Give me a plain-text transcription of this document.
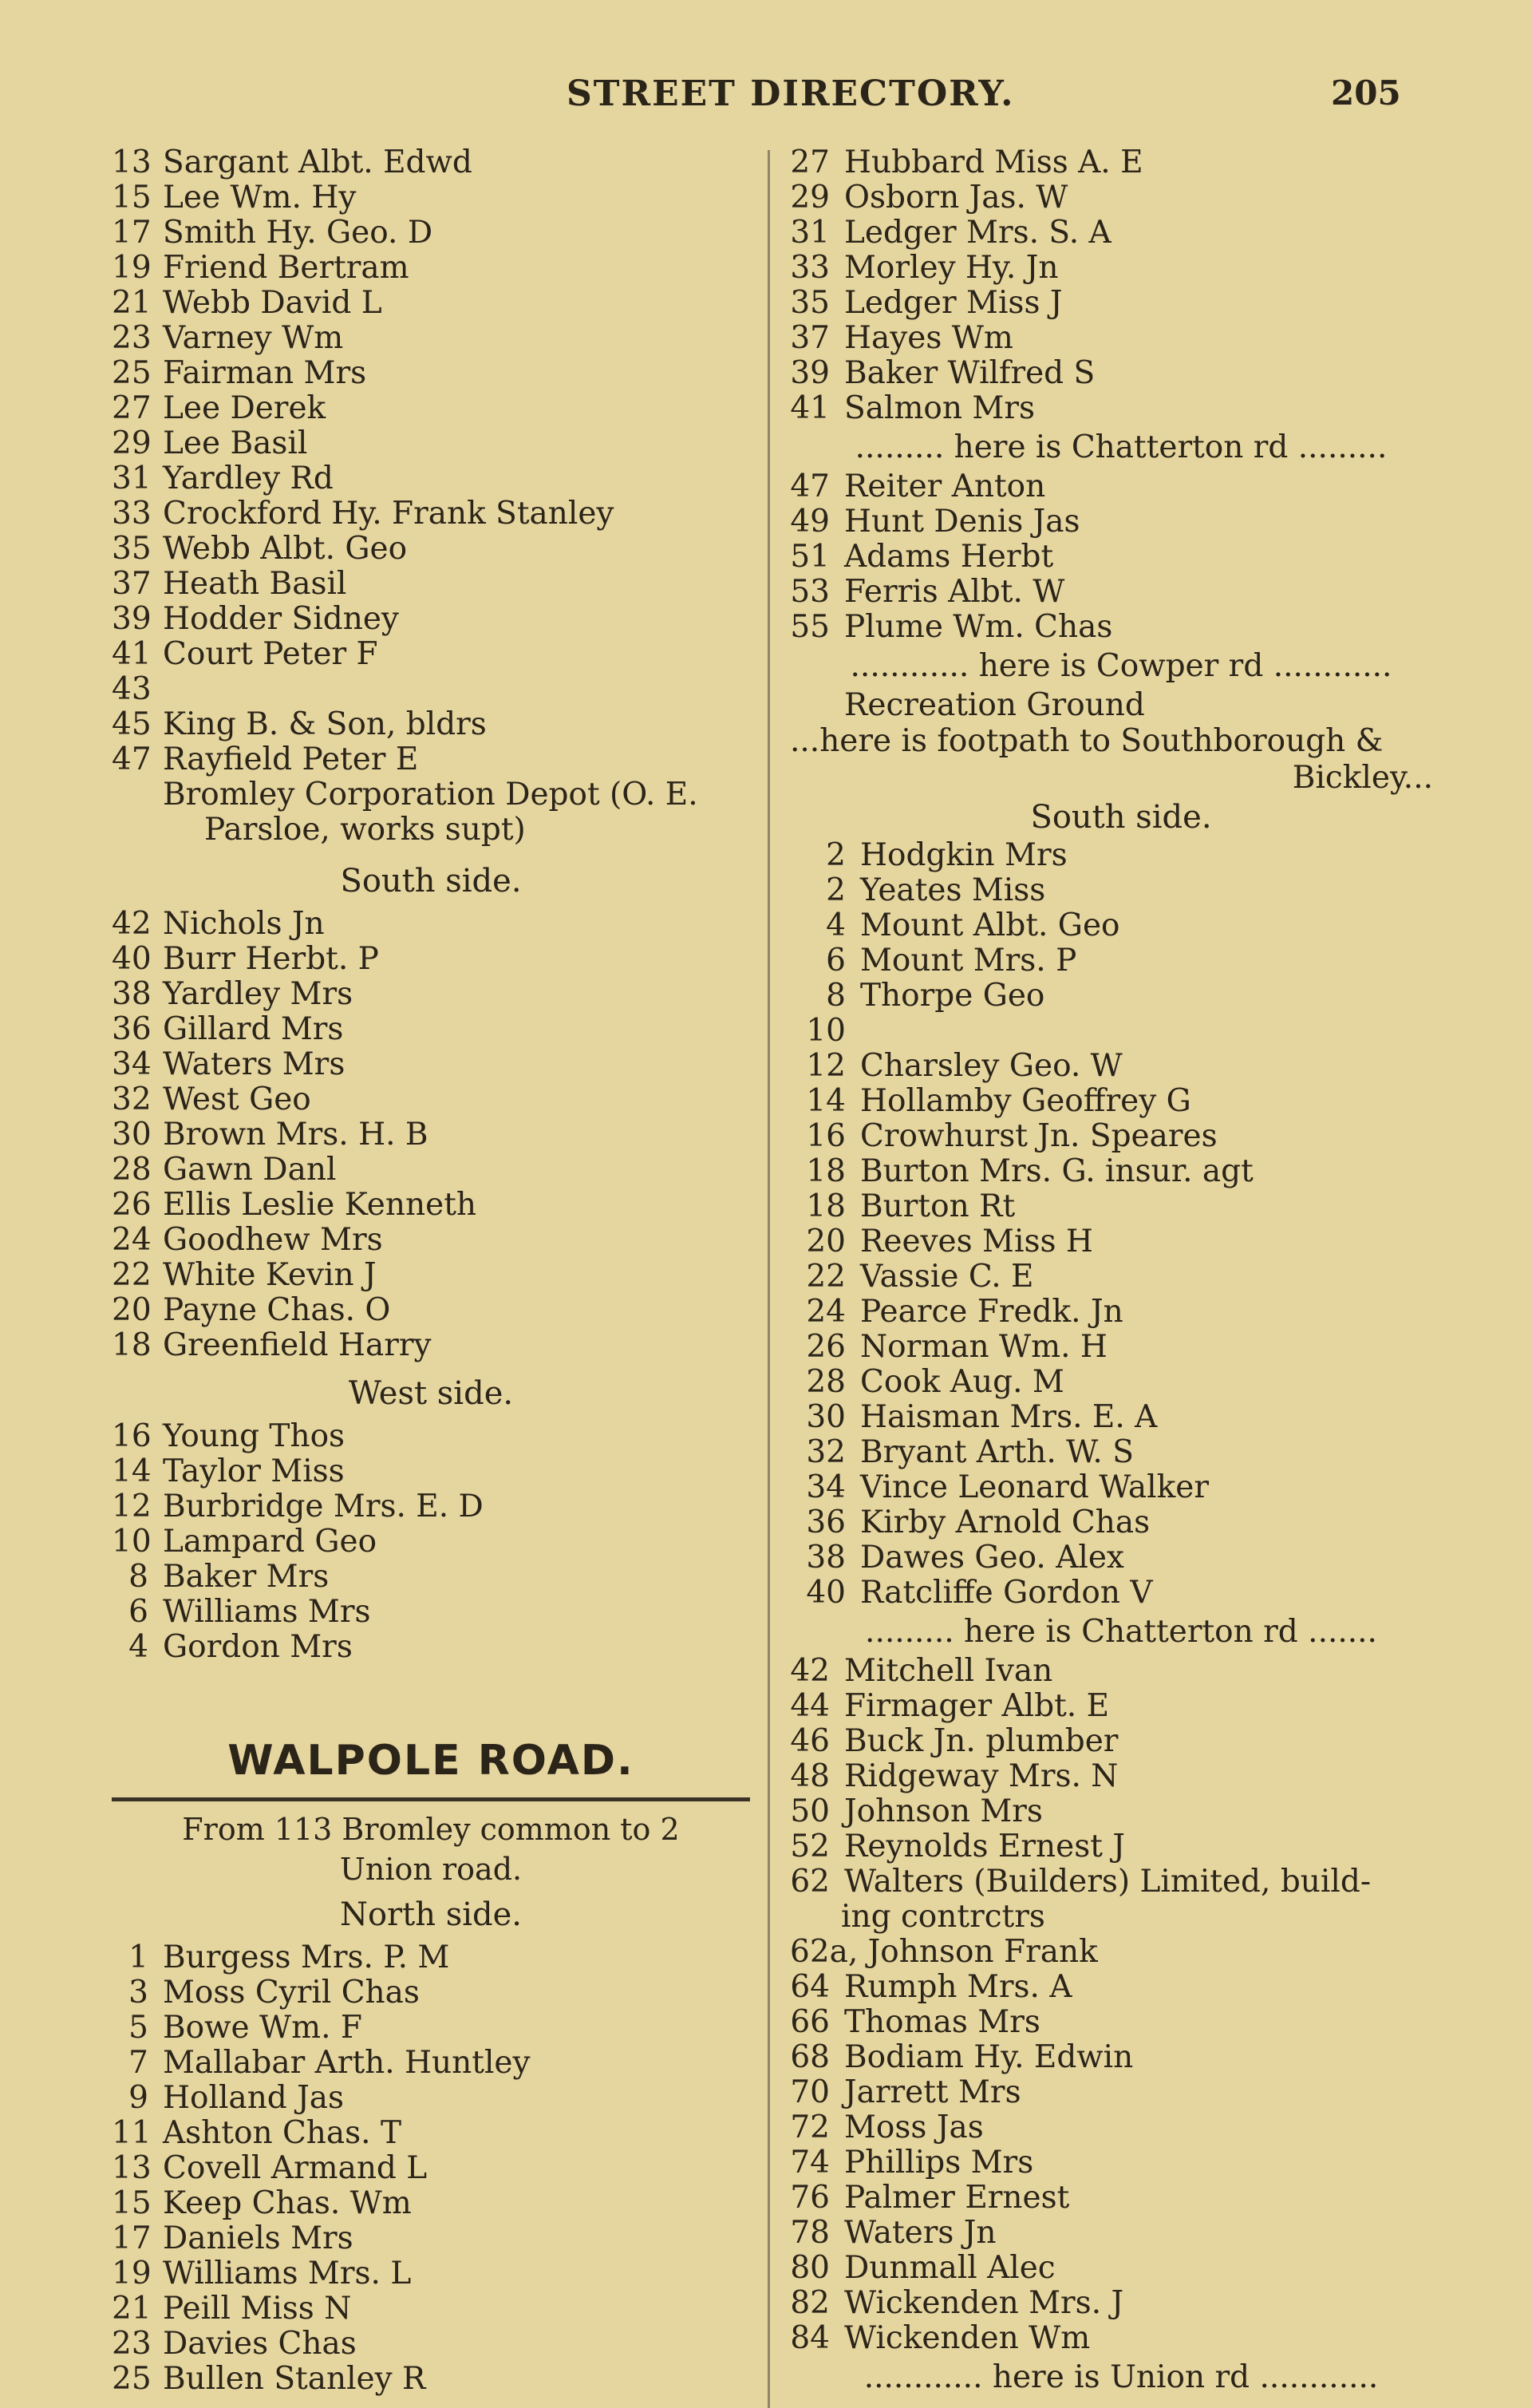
STREET DIRECTORY.	205
13 Sargant Albt. Edwd
15 Lee Wm. Hy
17 Smith Hy. Geo. D
19 Friend Bertram
21 Webb David L
23 Varney Wm
25 Fairman Mrs
27 Lee Derek
29 Lee Basil
31 Yardley Rd
33 Crockford Hy. Frank Stanley
35 Webb Albt. Geo
37 Heath Basil
39 Hodder Sidney
41 Court Peter F
43
45 King B. & Son, bldrs
47 Rayfield Peter E
Bromley Corporation Depot (O. E.
Parsloe, works supt)
South side.
42 Nichols Jn
40 Burr Herbt. P
38 Yardley Mrs
36 Gillard Mrs
34 Waters Mrs
32 West Geo
30 Brown Mrs. H. B
28 Gawn Danl
26 Ellis Leslie Kenneth
24 Goodhew Mrs
22 White Kevin J
20 Payne Chas. O
18 Greenfield Harry
West side.
16 Young Thos
14 Taylor Miss
12 Burbridge Mrs. E. D
10 Lampard Geo
8 Baker Mrs
6 Williams Mrs
4 Gordon Mrs
WALPOLE ROAD.
From 113 Bromley common to 2
Union road.
North side.
1 Burgess Mrs. P. M
3 Moss Cyril Chas
5 Bowe Wm. F
7 Mallabar Arth. Huntley
9 Holland Jas
11 Ashton Chas. T
13 Covell Armand L
15 Keep Chas. Wm
17 Daniels Mrs
19 Williams Mrs. L
21 Peill Miss N
23 Davies Chas
25 Bullen Stanley R
27 Hubbard Miss A. E
29 Osborn Jas. W
31 Ledger Mrs. S. A
33 Morley Hy. Jn
35 Ledger Miss J
37 Hayes Wm
39 Baker Wilfred S
41 Salmon Mrs
......... here is Chatterton rd .........
47 Reiter Anton
49 Hunt Denis Jas
51 Adams Herbt
53 Ferris Albt. W
55 Plume Wm. Chas
............ here is Cowper rd ............
Recreation Ground
...here is footpath to Southborough &
Bickley...
South side.
2 Hodgkin Mrs
2 Yeates Miss
4 Mount Albt. Geo
6 Mount Mrs. P
8 Thorpe Geo
10
12 Charsley Geo. W
14 Hollamby Geoffrey G
16 Crowhurst Jn. Speares
18 Burton Mrs. G. insur. agt
18 Burton Rt
20 Reeves Miss H
22 Vassie C. E
24 Pearce Fredk. Jn
26 Norman Wm. H
28 Cook Aug. M
30 Haisman Mrs. E. A
32 Bryant Arth. W. S
34 Vince Leonard Walker
36 Kirby Arnold Chas
38 Dawes Geo. Alex
40 Ratcliffe Gordon V
......... here is Chatterton rd .......
42 Mitchell Ivan
44 Firmager Albt. E
46 Buck Jn. plumber
48 Ridgeway Mrs. N
50 Johnson Mrs
52 Reynolds Ernest J
62 Walters (Builders) Limited, build-
ing contrctrs
62a, Johnson Frank
64 Rumph Mrs. A
66 Thomas Mrs
68 Bodiam Hy. Edwin
70 Jarrett Mrs
72 Moss Jas
74 Phillips Mrs
76 Palmer Ernest
78 Waters Jn
80 Dunmall Alec
82 Wickenden Mrs. J
84 Wickenden Wm
............ here is Union rd ............
